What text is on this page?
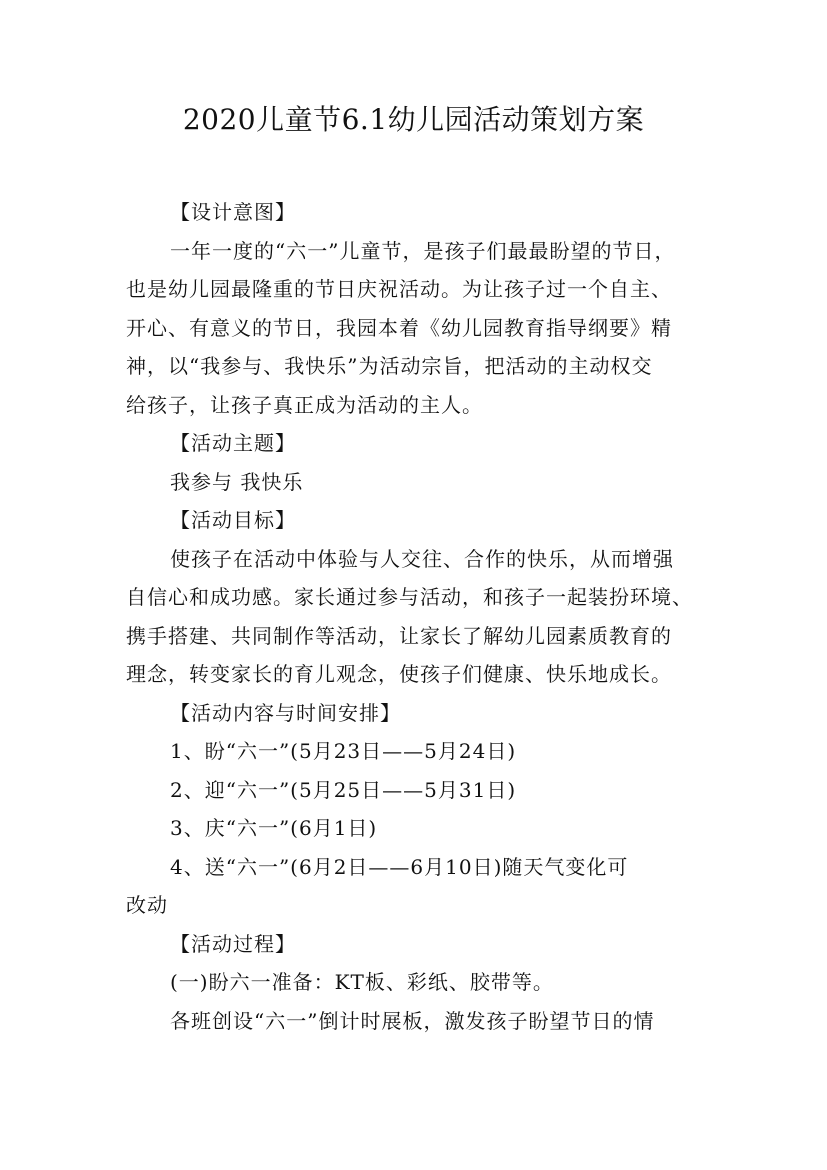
2020儿童节6.1幼儿园活动策划方案
【设计意图】
一年一度的“六一”儿童节，是孩子们最最盼望的节日，
也是幼儿园最隆重的节日庆祝活动。为让孩子过一个自主、
开心、有意义的节日，我园本着《幼儿园教育指导纲要》精
神，以“我参与、我快乐”为活动宗旨，把活动的主动权交
给孩子，让孩子真正成为活动的主人。
【活动主题】
我参与 我快乐
【活动目标】
使孩子在活动中体验与人交往、合作的快乐，从而增强
自信心和成功感。家长通过参与活动，和孩子一起装扮环境、
携手搭建、共同制作等活动，让家长了解幼儿园素质教育的
理念，转变家长的育儿观念，使孩子们健康、快乐地成长。
【活动内容与时间安排】
1、盼“六一”(5月23日——5月24日)
2、迎“六一”(5月25日——5月31日)
3、庆“六一”(6月1日)
4、送“六一”(6月2日——6月10日)随天气变化可
改动
【活动过程】
(一)盼六一准备：KT板、彩纸、胶带等。
各班创设“六一”倒计时展板，激发孩子盼望节日的情
